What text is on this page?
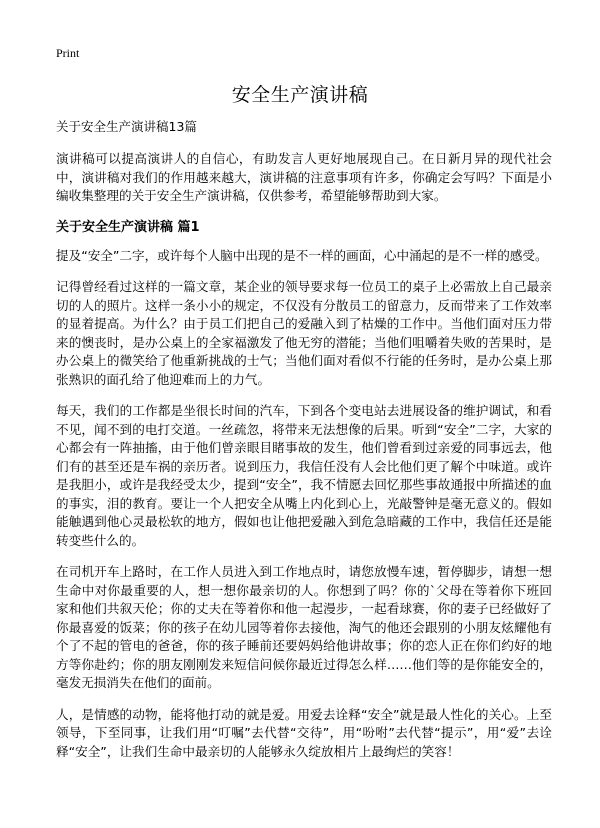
Print
安全生产演讲稿
关于安全生产演讲稿13篇

演讲稿可以提高演讲人的自信心，有助发言人更好地展现自己。在日新月异的现代社会中，演讲稿对我们的作用越来越大，演讲稿的注意事项有许多，你确定会写吗？下面是小编收集整理的关于安全生产演讲稿，仅供参考，希望能够帮助到大家。

关于安全生产演讲稿 篇1

提及“安全”二字，或许每个人脑中出现的是不一样的画面，心中涌起的是不一样的感受。

记得曾经看过这样的一篇文章，某企业的领导要求每一位员工的桌子上必需放上自己最亲切的人的照片。这样一条小小的规定，不仅没有分散员工的留意力，反而带来了工作效率的显着提高。为什么？由于员工们把自己的爱融入到了枯燥的工作中。当他们面对压力带来的懊丧时，是办公桌上的全家福激发了他无穷的潜能；当他们咀嚼着失败的苦果时，是办公桌上的微笑给了他重新挑战的士气；当他们面对看似不行能的任务时，是办公桌上那张熟识的面孔给了他迎难而上的力气。

每天，我们的工作都是坐很长时间的汽车，下到各个变电站去进展设备的维护调试，和看不见，闻不到的电打交道。一丝疏忽，将带来无法想像的后果。听到“安全”二字，大家的心都会有一阵抽搐，由于他们曾亲眼目睹事故的发生，他们曾看到过亲爱的同事远去，他们有的甚至还是车祸的亲历者。说到压力，我信任没有人会比他们更了解个中味道。或许是我胆小，或许是我经受太少，提到“安全”，我不情愿去回忆那些事故通报中所描述的血的事实，泪的教育。要让一个人把安全从嘴上内化到心上，光敲警钟是毫无意义的。假如能触遇到他心灵最松软的地方，假如也让他把爱融入到危急暗藏的工作中，我信任还是能转变些什么的。

在司机开车上路时，在工作人员进入到工作地点时，请您放慢车速，暂停脚步，请想一想生命中对你最重要的人，想一想你最亲切的人。你想到了吗？你的`父母在等着你下班回家和他们共叙天伦；你的丈夫在等着你和他一起漫步，一起看球赛，你的妻子已经做好了你最喜爱的饭菜；你的孩子在幼儿园等着你去接他，淘气的他还会跟别的小朋友炫耀他有个了不起的管电的爸爸，你的孩子睡前还要妈妈给他讲故事；你的恋人正在你们约好的地方等你赴约；你的朋友刚刚发来短信问候你最近过得怎么样……他们等的是你能安全的，毫发无损消失在他们的面前。

人，是情感的动物，能将他打动的就是爱。用爱去诠释“安全”就是最人性化的关心。上至领导，下至同事，让我们用“叮嘱”去代替“交待”，用“吩咐”去代替“提示”，用“爱”去诠释“安全”，让我们生命中最亲切的人能够永久绽放相片上最绚烂的笑容！
